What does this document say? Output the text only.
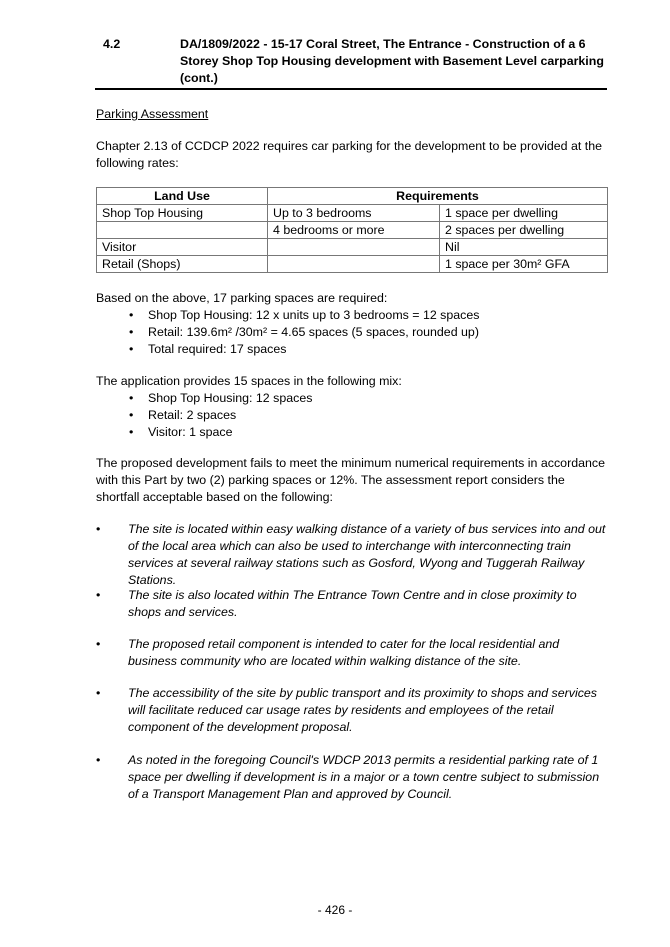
4.2	DA/1809/2022 - 15-17 Coral Street, The Entrance - Construction of a 6 Storey Shop Top Housing development with Basement Level carparking (cont.)
Parking Assessment
Chapter 2.13 of CCDCP 2022 requires car parking for the development to be provided at the following rates:
Land Use	Requirements	
Shop Top Housing	Up to 3 bedrooms	1 space per dwelling
	4 bedrooms or more	2 spaces per dwelling
Visitor		Nil
Retail (Shops)		1 space per 30m² GFA
Based on the above, 17 parking spaces are required:
• Shop Top Housing: 12 x units up to 3 bedrooms = 12 spaces
• Retail: 139.6m² /30m² = 4.65 spaces (5 spaces, rounded up)
• Total required: 17 spaces
The application provides 15 spaces in the following mix:
• Shop Top Housing: 12 spaces
• Retail: 2 spaces
• Visitor: 1 space
The proposed development fails to meet the minimum numerical requirements in accordance with this Part by two (2) parking spaces or 12%. The assessment report considers the shortfall acceptable based on the following:
• The site is located within easy walking distance of a variety of bus services into and out of the local area which can also be used to interchange with interconnecting train services at several railway stations such as Gosford, Wyong and Tuggerah Railway Stations.
• The site is also located within The Entrance Town Centre and in close proximity to shops and services.
• The proposed retail component is intended to cater for the local residential and business community who are located within walking distance of the site.
• The accessibility of the site by public transport and its proximity to shops and services will facilitate reduced car usage rates by residents and employees of the retail component of the development proposal.
• As noted in the foregoing Council's WDCP 2013 permits a residential parking rate of 1 space per dwelling if development is in a major or a town centre subject to submission of a Transport Management Plan and approved by Council.
- 426 -
